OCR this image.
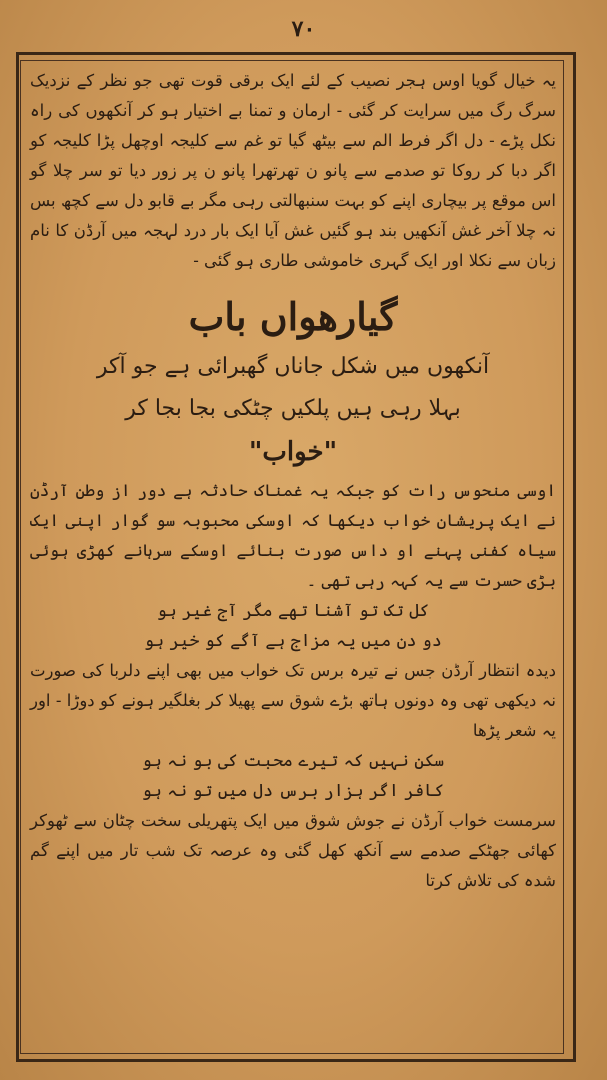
۷۰

یہ خیال گویا اوس ہجر نصیب کے لئے ایک برقی قوت تھی جو نظر کے نزدیک سرگ رگ میں سرایت کر گئی - ارمان و تمنا بے اختیار ہو کر آنکھوں کی راہ نکل پڑے - دل اگر فرط الم سے بیٹھ گیا تو غم سے کلیجہ اوچھل پڑا کلیجہ کو اگر دبا کر روکا تو صدمے سے پانو ن تھرتھرا پانو ن پر زور دیا تو سر چلا گو اس موقع پر بیچاری اپنے کو بہت سنبھالتی رہی مگر بے قابو دل سے کچھ بس نہ چلا آخر غش آنکھیں بند ہو گئیں غش آیا ایک بار درد لہجہ میں آرڈن کا نام زبان سے نکلا اور ایک گہری خاموشی طاری ہو گئی -

گیارھواں باب

آنکھوں میں شکل جاناں گھبرائی ہے جو آکر

بہلا رہی ہیں پلکیں چٹکی بجا بجا کر

"خواب"

اوسی منحوس رات کو جبکہ یہ غمناک حادثہ ہے دور از وطن آرڈن نے ایک پریشان خواب دیکھا کہ اوسکی محبوبہ سو گوار اپنی ایک سیاہ کفنی پہنے او داس صورت بنائے اوسکے سرہانے کھڑی ہوئی بڑی حسرت سے یہ کہہ رہی تھی ۔

کل تک تو آشنا تھے مگر آج غیر ہو

دو دن میں یہ مزاج ہے آگے کو خیر ہو

دیدہ انتظار آرڈن جس نے تیرہ برس تک خواب میں بھی اپنے دلربا کی صورت نہ دیکھی تھی وہ دونوں ہاتھ بڑے شوق سے پھیلا کر بغلگیر ہونے کو دوڑا - اور یہ شعر پڑھا

سکن نہیں کہ تیرے محبت کی بو نہ ہو

کافر اگر ہزار برس دل میں تو نہ ہو

سرمست خواب آرڈن نے جوش شوق میں ایک پتھریلی سخت چٹان سے ٹھوکر کھائی جھٹکے صدمے سے آنکھ کھل گئی وہ عرصہ تک شب تار میں اپنے گم شدہ کی تلاش کرتا
